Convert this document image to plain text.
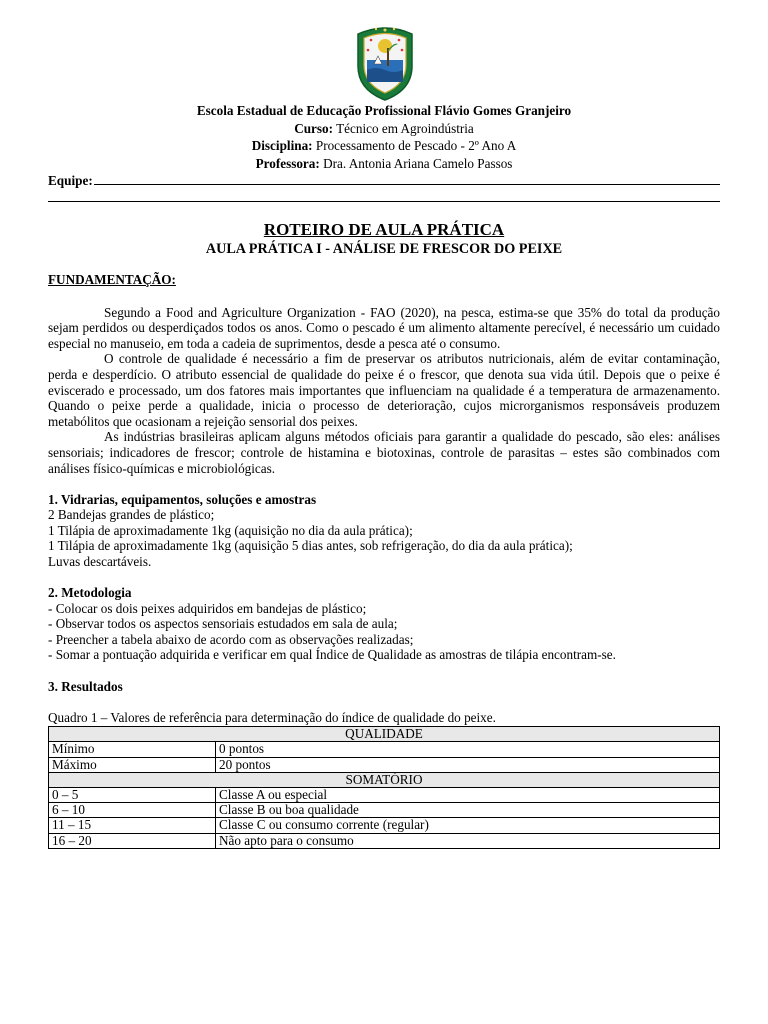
Escola Estadual de Educação Profissional Flávio Gomes Granjeiro
Curso: Técnico em Agroindústria
Disciplina: Processamento de Pescado - 2º Ano A
Professora: Dra. Antonia Ariana Camelo Passos
Equipe:
ROTEIRO DE AULA PRÁTICA
AULA PRÁTICA I - ANÁLISE DE FRESCOR DO PEIXE
FUNDAMENTAÇÃO:

Segundo a Food and Agriculture Organization - FAO (2020), na pesca, estima-se que 35% do total da produção sejam perdidos ou desperdiçados todos os anos. Como o pescado é um alimento altamente perecível, é necessário um cuidado especial no manuseio, em toda a cadeia de suprimentos, desde a pesca até o consumo.

O controle de qualidade é necessário a fim de preservar os atributos nutricionais, além de evitar contaminação, perda e desperdício. O atributo essencial de qualidade do peixe é o frescor, que denota sua vida útil. Depois que o peixe é eviscerado e processado, um dos fatores mais importantes que influenciam na qualidade é a temperatura de armazenamento. Quando o peixe perde a qualidade, inicia o processo de deterioração, cujos microrganismos responsáveis produzem metabólitos que ocasionam a rejeição sensorial dos peixes.

As indústrias brasileiras aplicam alguns métodos oficiais para garantir a qualidade do pescado, são eles: análises sensoriais; indicadores de frescor; controle de histamina e biotoxinas, controle de parasitas – estes são combinados com análises físico-químicas e microbiológicas.

1. Vidrarias, equipamentos, soluções e amostras
2 Bandejas grandes de plástico;
1 Tilápia de aproximadamente 1kg (aquisição no dia da aula prática);
1 Tilápia de aproximadamente 1kg (aquisição 5 dias antes, sob refrigeração, do dia da aula prática);
Luvas descartáveis.
2. Metodologia
- Colocar os dois peixes adquiridos em bandejas de plástico;
- Observar todos os aspectos sensoriais estudados em sala de aula;
- Preencher a tabela abaixo de acordo com as observações realizadas;
- Somar a pontuação adquirida e verificar em qual Índice de Qualidade as amostras de tilápia encontram-se.
3. Resultados
Quadro 1 – Valores de referência para determinação do índice de qualidade do peixe.
QUALIDADE	
Mínimo	0 pontos
Máximo	20 pontos
SOMATÓRIO	
0 – 5	Classe A ou especial
6 – 10	Classe B ou boa qualidade
11 – 15	Classe C ou consumo corrente (regular)
16 – 20	Não apto para o consumo
